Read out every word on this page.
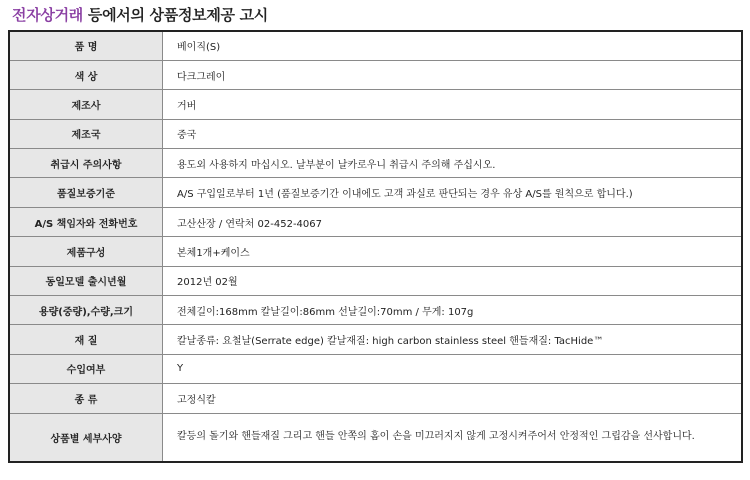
전자상거래 등에서의 상품정보제공 고시
품 명	베이직(S)
색 상	다크그레이
제조사	거버
제조국	중국
취급시 주의사항	용도외 사용하지 마십시오. 날부분이 날카로우니 취급시 주의해 주십시오.
품질보증기준	A/S 구입일로부터 1년 (품질보증기간 이내에도 고객 과실로 판단되는 경우 유상 A/S를 원칙으로 합니다.)
A/S 책임자와 전화번호	고산산장 / 연락처 02-452-4067
제품구성	본체1개+케이스
동일모델 출시년월	2012년 02월
용량(중량),수량,크기	전체길이:168mm 칼날길이:86mm 선날길이:70mm / 무게: 107g
재 질	칼날종류: 요철날(Serrate edge) 칼날재질: high carbon stainless steel 핸들재질: TacHide™
수입여부	Y
종 류	고정식칼
상품별 세부사양	칼등의 돌기와 핸들재질 그리고 핸들 안쪽의 홈이 손을 미끄러지지 않게 고정시켜주어서 안정적인 그립감을 선사합니다.
